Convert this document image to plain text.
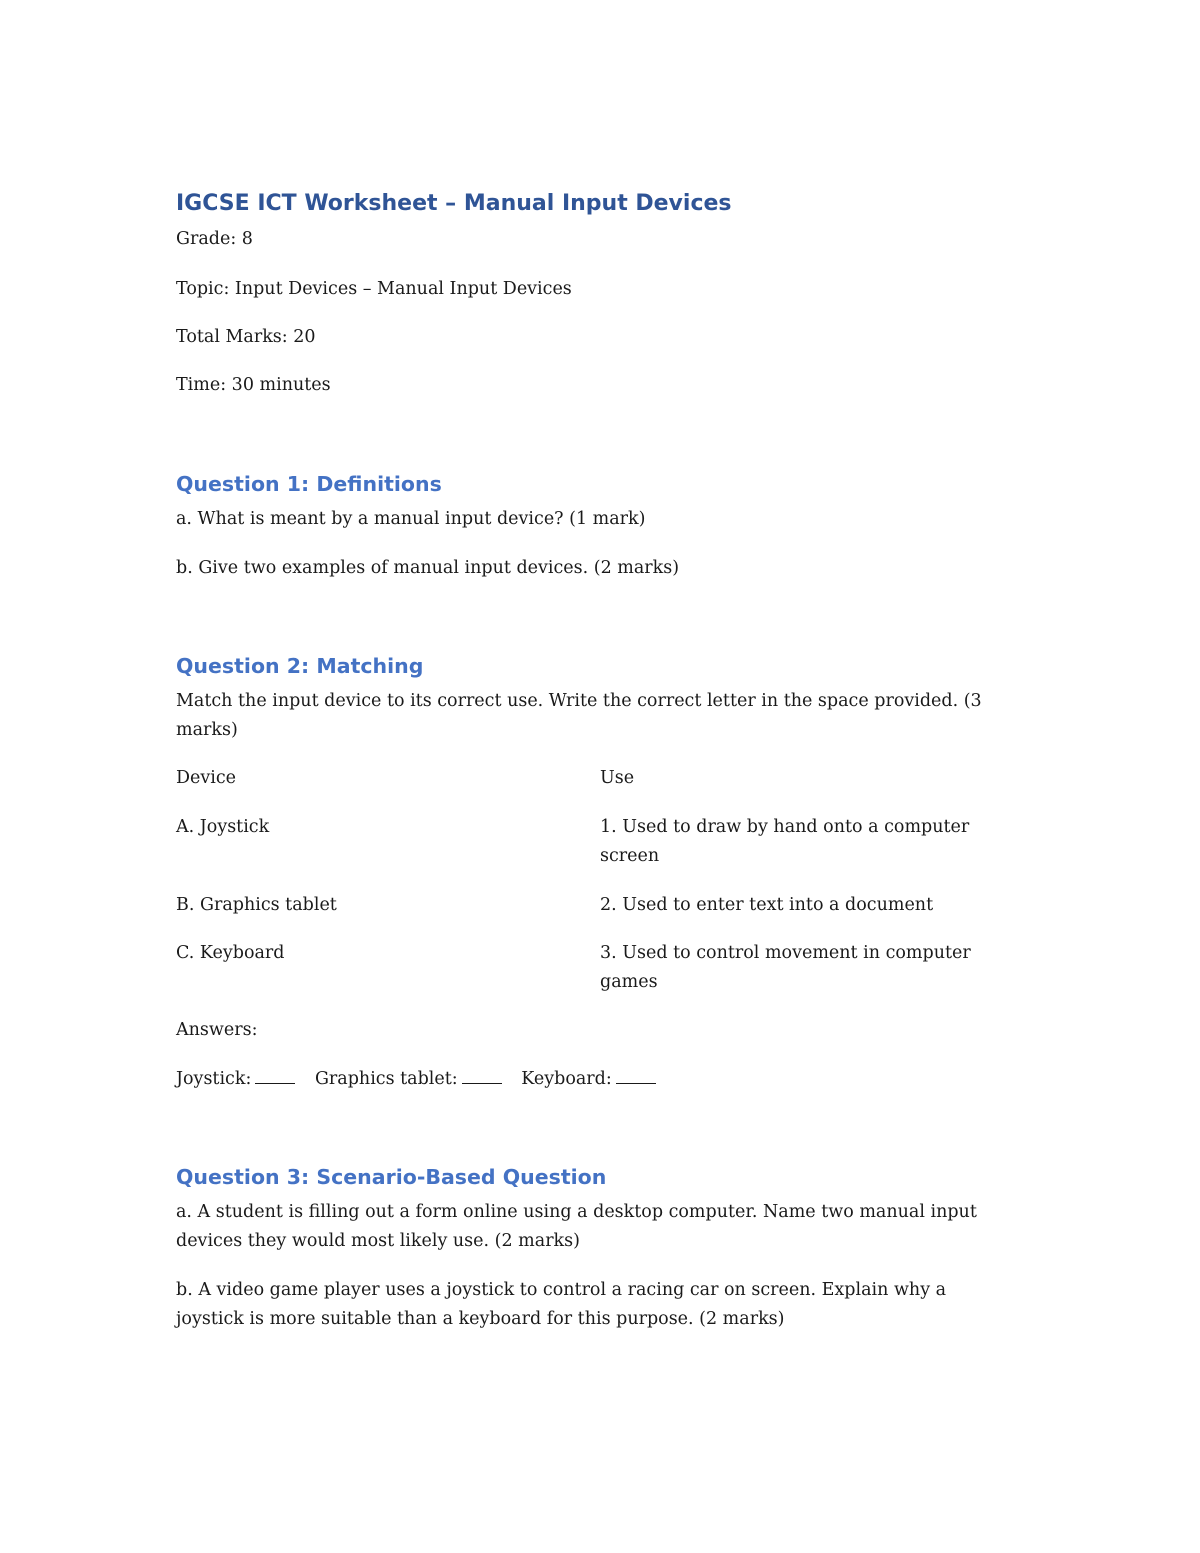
IGCSE ICT Worksheet – Manual Input Devices
Grade: 8
Topic: Input Devices – Manual Input Devices
Total Marks: 20
Time: 30 minutes
Question 1: Definitions
a. What is meant by a manual input device? (1 mark)
b. Give two examples of manual input devices. (2 marks)
Question 2: Matching
Match the input device to its correct use. Write the correct letter in the space provided. (3 marks)
Device	Use
A. Joystick	1. Used to draw by hand onto a computer screen
B. Graphics tablet	2. Used to enter text into a document
C. Keyboard	3. Used to control movement in computer games
Answers:
Joystick:	Graphics tablet:	Keyboard:
Question 3: Scenario-Based Question
a. A student is filling out a form online using a desktop computer. Name two manual input devices they would most likely use. (2 marks)
b. A video game player uses a joystick to control a racing car on screen. Explain why a joystick is more suitable than a keyboard for this purpose. (2 marks)
